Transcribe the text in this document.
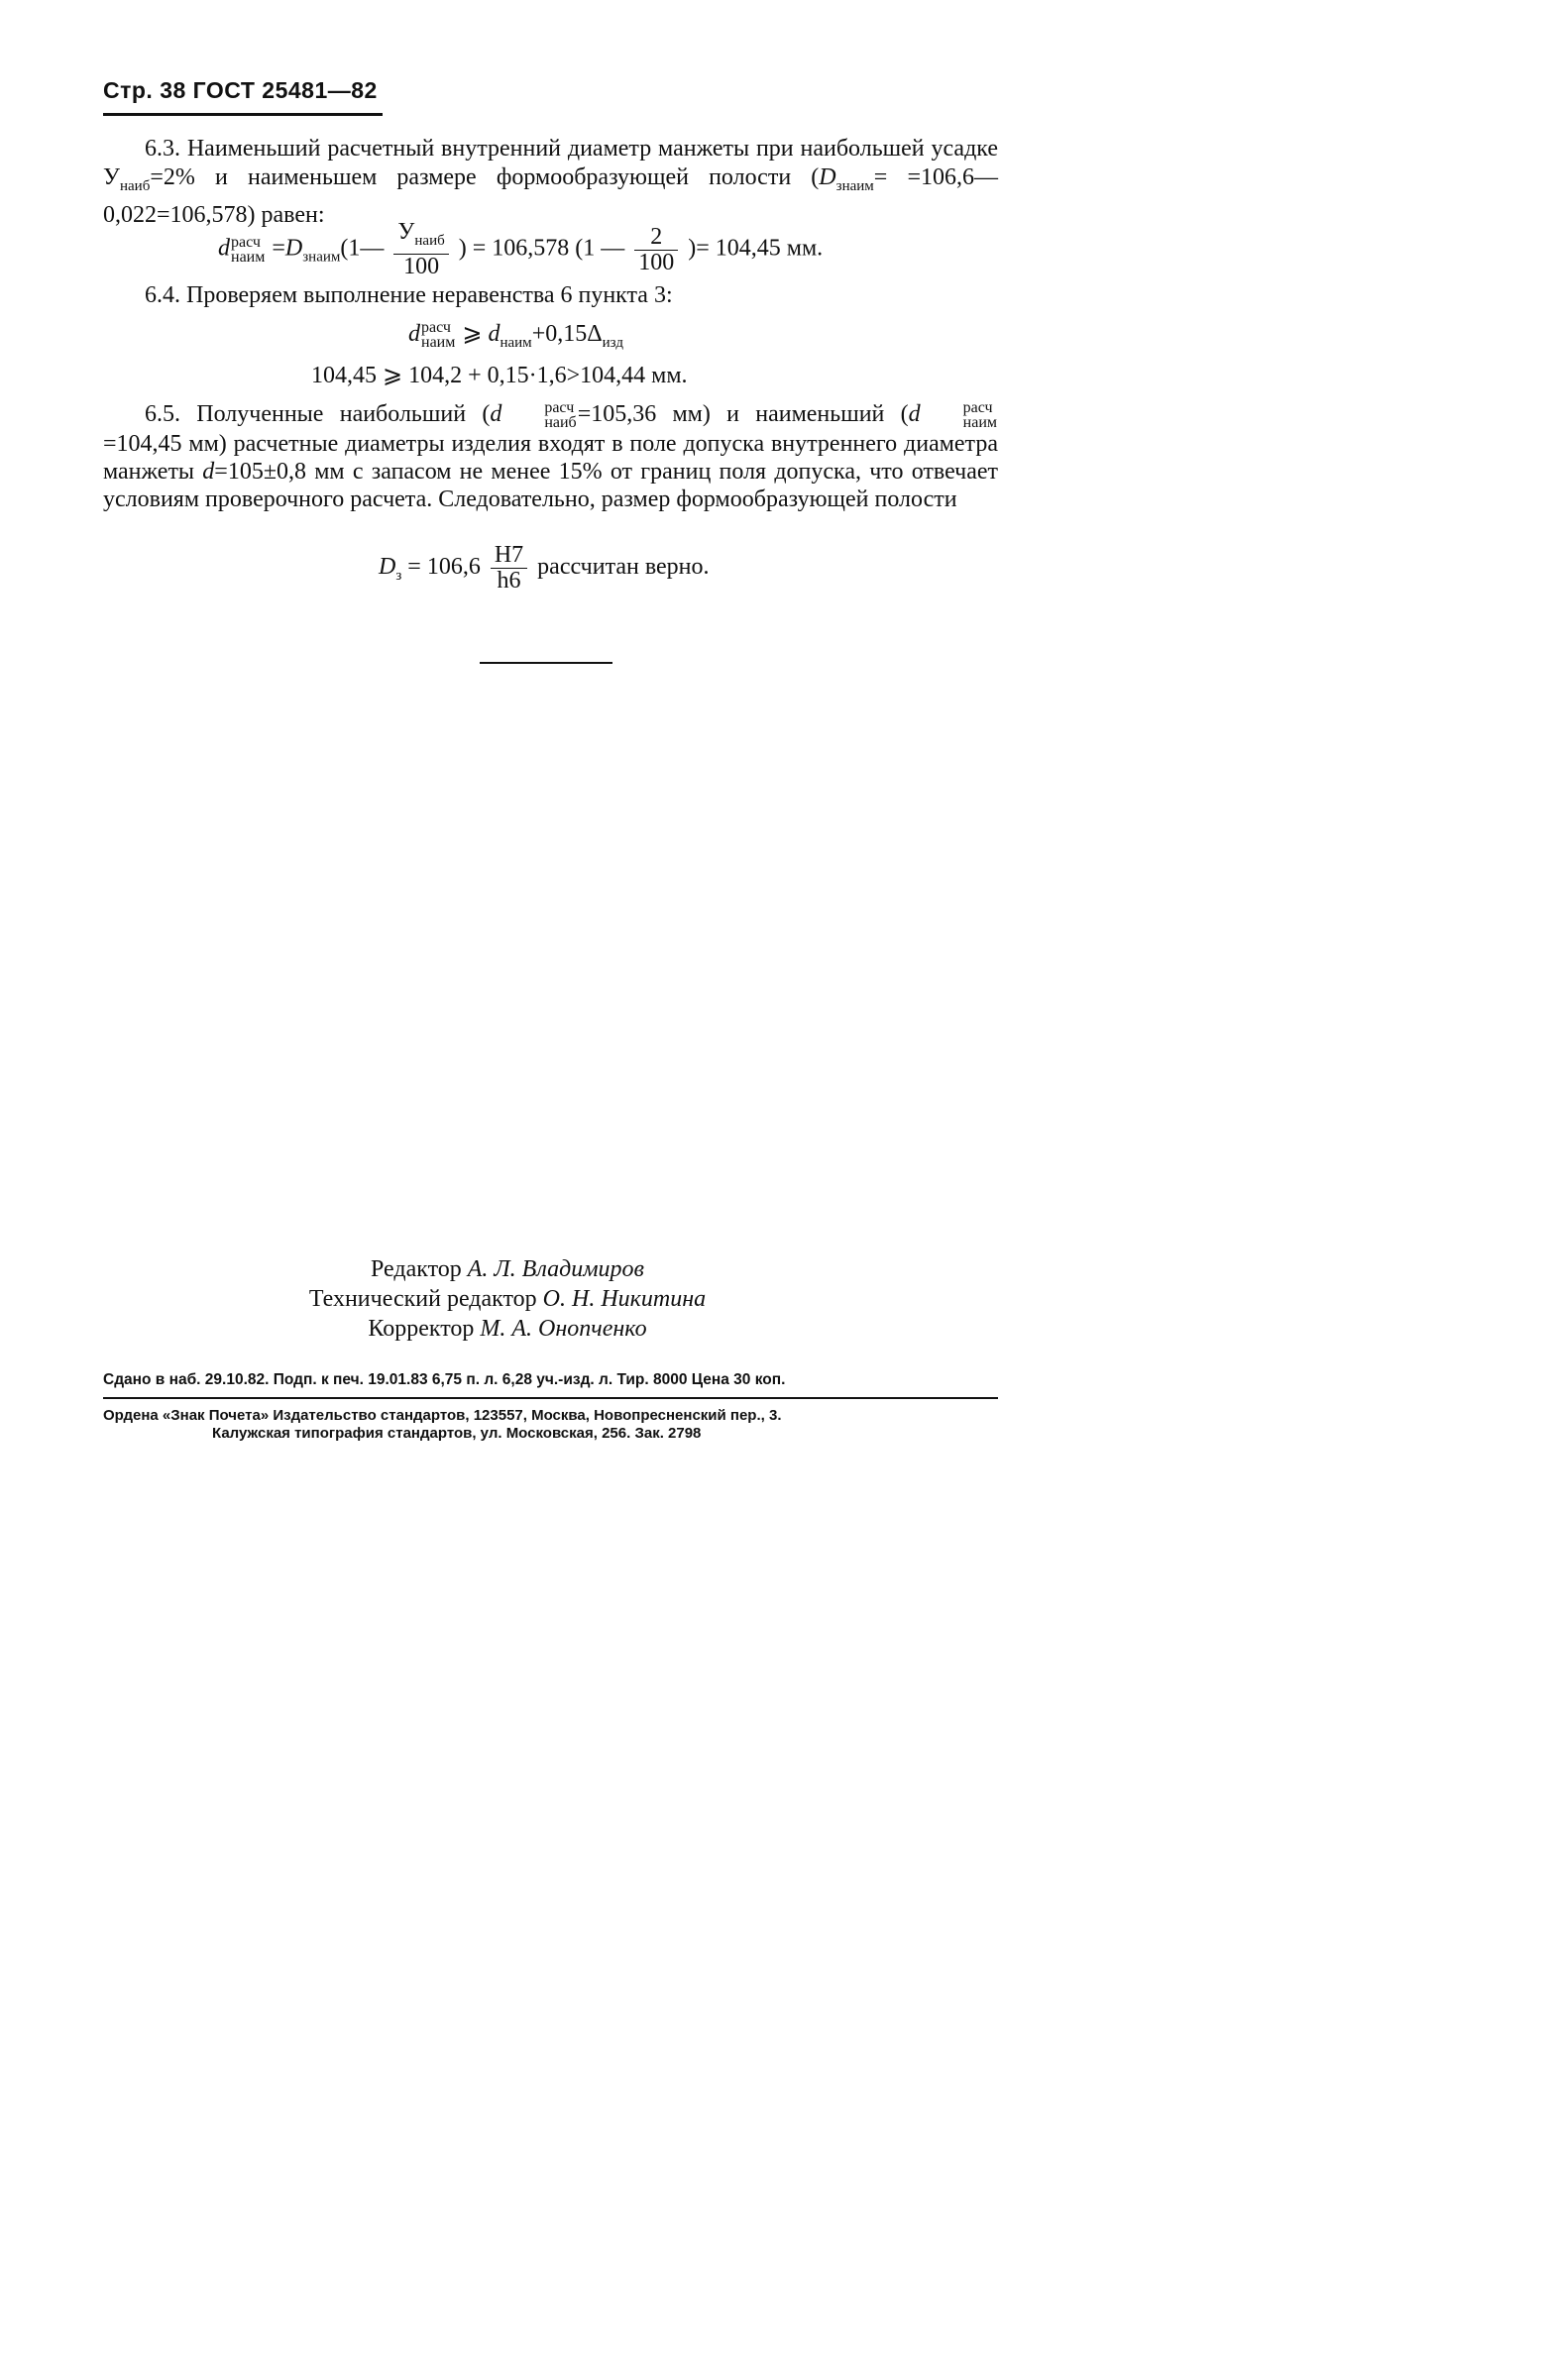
Стр. 38 ГОСТ 25481—82
6.3. Наименьший расчетный внутренний диаметр манжеты при наибольшей усадке $У_{наиб}=2\%$ и наименьшем размере формообразующей полости ($D_{знаим}=$ =106,6—0,022=106,578) равен:
d расч
наим $=D_{знаим}(1— \frac{У_{наиб}}{100}$ ) = 106,578 (1 — $\frac{2}{100}$ )= 104,45 мм.
6.4. Проверяем выполнение неравенства 6 пункта 3:
d расч
наим ⩾ $d_{наим}+0,15\Delta_{изд}$
104,45 ⩾ 104,2 + 0,15·1,6>104,44 мм.
6.5. Полученные наибольший (d	расч
наиб =105,36 мм) и наименьший (d	расч
наим
=104,45 мм) расчетные диаметры изделия входят в поле допуска внутреннего диаметра манжеты d=105±0,8 мм с запасом не менее 15% от границ поля допуска, что отвечает условиям проверочного расчета. Следовательно, размер формообразующей полости
$D_з = 106,6 \frac{H7}{h6}$ рассчитан верно.
Редактор А. Л. Владимиров
Технический редактор О. Н. Никитина
Корректор М. А. Онопченко
Сдано в наб. 29.10.82. Подп. к печ. 19.01.83 6,75 п. л. 6,28 уч.-изд. л. Тир. 8000 Цена 30 коп.
Ордена «Знак Почета» Издательство стандартов, 123557, Москва, Новопресненский пер., 3.
Калужская типография стандартов, ул. Московская, 256. Зак. 2798
